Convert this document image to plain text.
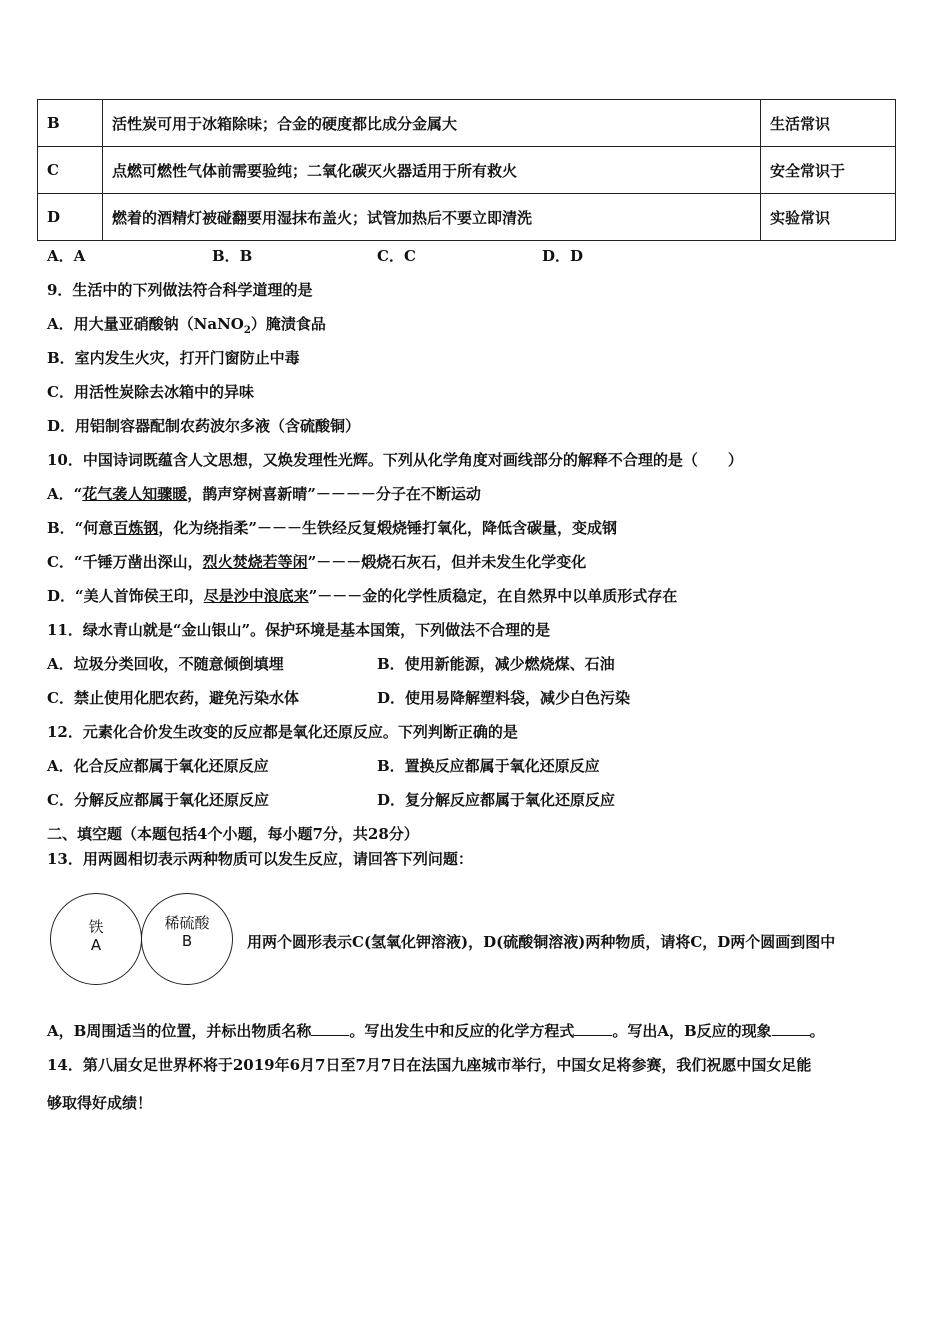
B	活性炭可用于冰箱除味；合金的硬度都比成分金属大	生活常识
C	点燃可燃性气体前需要验纯；二氧化碳灭火器适用于所有救火	安全常识于
D	燃着的酒精灯被碰翻要用湿抹布盖火；试管加热后不要立即清洗	实验常识
A．A	B．B	C．C	D．D
9．生活中的下列做法符合科学道理的是
A．用大量亚硝酸钠（NaNO$_2$）腌渍食品
B．室内发生火灾，打开门窗防止中毒
C．用活性炭除去冰箱中的异味
D．用铝制容器配制农药波尔多液（含硫酸铜）
10．中国诗词既蕴含人文思想，又焕发理性光辉。下列从化学角度对画线部分的解释不合理的是（　　）
A．“花气袭人知骤暖，鹊声穿树喜新晴”－－－－分子在不断运动
B．“何意百炼钢，化为绕指柔”－－－生铁经反复煅烧锤打氧化，降低含碳量，变成钢
C．“千锤万凿出深山，烈火焚烧若等闲”－－－煅烧石灰石，但并未发生化学变化
D．“美人首饰侯王印，尽是沙中浪底来”－－－金的化学性质稳定，在自然界中以单质形式存在
11．绿水青山就是“金山银山”。保护环境是基本国策，下列做法不合理的是
A．垃圾分类回收，不随意倾倒填埋	B．使用新能源，减少燃烧煤、石油
C．禁止使用化肥农药，避免污染水体	D．使用易降解塑料袋，减少白色污染
12．元素化合价发生改变的反应都是氧化还原反应。下列判断正确的是
A．化合反应都属于氧化还原反应	B．置换反应都属于氧化还原反应
C．分解反应都属于氧化还原反应	D．复分解反应都属于氧化还原反应
二、填空题（本题包括4个小题，每小题7分，共28分）
13．用两圆相切表示两种物质可以发生反应，请回答下列问题：
铁
A
稀硫酸
B	用两个圆形表示C(氢氧化钾溶液)，D(硫酸铜溶液)两种物质，请将C，D两个圆画到图中
A，B周围适当的位置，并标出物质名称	。写出发生中和反应的化学方程式	。写出A，B反应的现象	。
14．第八届女足世界杯将于2019年6月7日至7月7日在法国九座城市举行，中国女足将参赛，我们祝愿中国女足能
够取得好成绩！
